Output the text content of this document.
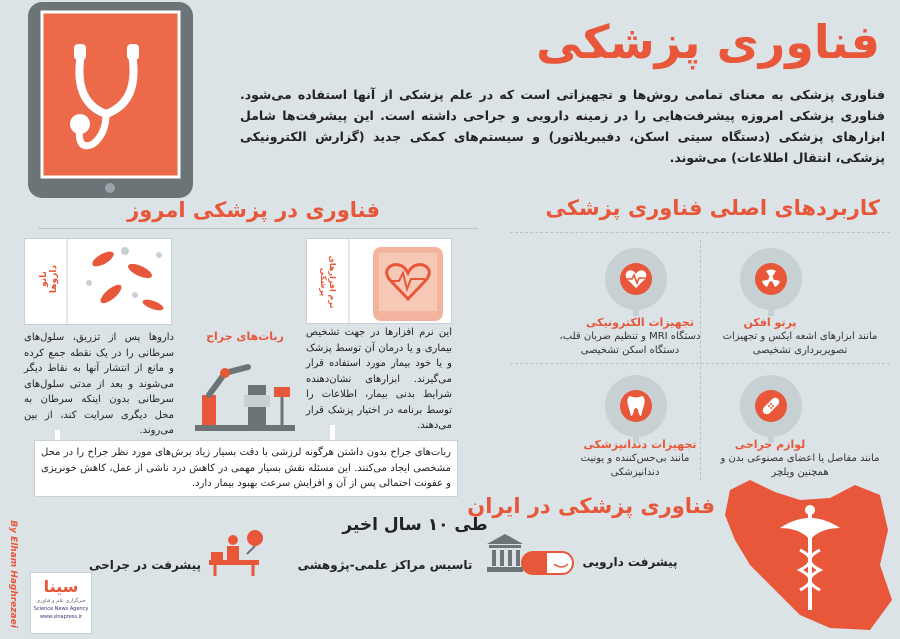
فناوری پزشکی
فناوری پزشکی به معنای تمامی روش‌ها و تجهیزاتی است که در علم پزشکی از آنها استفاده می‌شود. فناوری پزشکی امروزه پیشرفت‌هایی را در زمینه دارویی و جراحی داشته است. این پیشرفت‌ها شامل ابزارهای پزشکی (دستگاه سیتی اسکن، دفیبریلاتور) و سیستم‌های کمکی جدید (گزارش الکترونیکی پزشکی، انتقال اطلاعات) می‌شوند.
فناوری در پزشکی امروز
نانو داروها
داروها پس از تزریق، سلول‌های سرطانی را در یک نقطه جمع کرده و مانع از انتشار آنها به نقاط دیگر می‌شوند و بعد از مدتی سلول‌های سرطانی بدون اینکه سرطان به محل دیگری سرایت کند، از بین می‌روند.
ربات‌های جراح
نرم افزارهای پزشکی
این نرم افزارها در جهت تشخیص بیماری و یا درمان آن توسط پزشک و یا خود بیمار مورد استفاده قرار می‌گیرند. ابزارهای نشان‌دهنده شرایط بدنی بیمار، اطلاعات را توسط برنامه در اختیار پزشک قرار می‌دهند.
ربات‌های جراح بدون داشتن هرگونه لرزشی با دقت بسیار زیاد برش‌های مورد نظر جراح را در محل مشخصی ایجاد می‌کنند. این مسئله نقش بسیار مهمی در کاهش درد ناشی از عمل، کاهش خونریزی و عفونت احتمالی پس از آن و افزایش سرعت بهبود بیمار دارد.
کاربردهای اصلی فناوری پزشکی
پرتو افکن
مانند ابزارهای اشعه ایکس و تجهیزات تصویربرداری تشخیصی
تجهیزات الکترونیکی
دستگاه MRI و تنظیم ضربان قلب، دستگاه اسکن تشخیصی
لوازم جراحی
مانند مفاصل یا اعضای مصنوعی بدن و همچنین ویلچر
تجهیزات دندانپزشکی
مانند بی‌حس‌کننده و یونیت دندانپزشکی
فناوری پزشکی در ایران
طی ۱۰ سال اخیر
پیشرفت دارویی
تاسیس مراکز علمی-پژوهشی
پیشرفت در جراحی
By Elham Haghrezaei	سینا
خبرگزاری علم و فناوری
Science News Agency
www.sinapress.ir
